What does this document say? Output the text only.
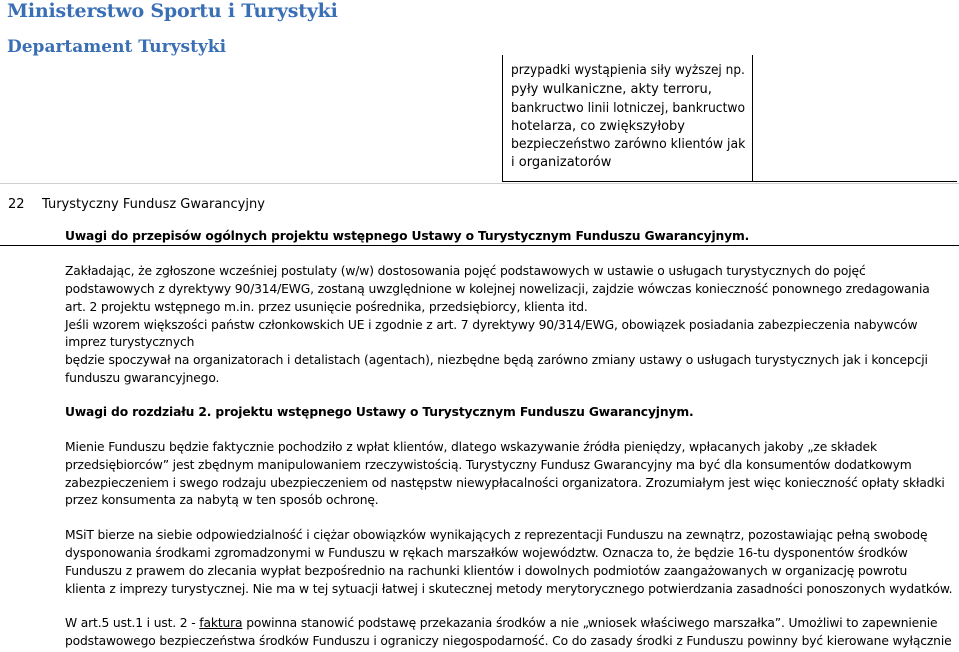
Ministerstwo Sportu i Turystyki
Departament Turystyki
przypadki wystąpienia siły wyższej np.
pyły wulkaniczne, akty terroru,
bankructwo linii lotniczej, bankructwo
hotelarza, co zwiększyłoby
bezpieczeństwo zarówno klientów jak
i organizatorów
22 Turystyczny Fundusz Gwarancyjny
Uwagi do przepisów ogólnych projektu wstępnego Ustawy o Turystycznym Funduszu Gwarancyjnym.
Zakładając, że zgłoszone wcześniej postulaty (w/w) dostosowania pojęć podstawowych w ustawie o usługach turystycznych do pojęć
podstawowych z dyrektywy 90/314/EWG, zostaną uwzględnione w kolejnej nowelizacji, zajdzie wówczas konieczność ponownego zredagowania
art. 2 projektu wstępnego m.in. przez usunięcie pośrednika, przedsiębiorcy, klienta itd.
Jeśli wzorem większości państw członkowskich UE i zgodnie z art. 7 dyrektywy 90/314/EWG, obowiązek posiadania zabezpieczenia nabywców
imprez turystycznych
będzie spoczywał na organizatorach i detalistach (agentach), niezbędne będą zarówno zmiany ustawy o usługach turystycznych jak i koncepcji
funduszu gwarancyjnego.
Uwagi do rozdziału 2. projektu wstępnego Ustawy o Turystycznym Funduszu Gwarancyjnym.
Mienie Funduszu będzie faktycznie pochodziło z wpłat klientów, dlatego wskazywanie źródła pieniędzy, wpłacanych jakoby „ze składek
przedsiębiorców” jest zbędnym manipulowaniem rzeczywistością. Turystyczny Fundusz Gwarancyjny ma być dla konsumentów dodatkowym
zabezpieczeniem i swego rodzaju ubezpieczeniem od następstw niewypłacalności organizatora. Zrozumiałym jest więc konieczność opłaty składki
przez konsumenta za nabytą w ten sposób ochronę.
MSiT bierze na siebie odpowiedzialność i ciężar obowiązków wynikających z reprezentacji Funduszu na zewnątrz, pozostawiając pełną swobodę
dysponowania środkami zgromadzonymi w Funduszu w rękach marszałków województw. Oznacza to, że będzie 16-tu dysponentów środków
Funduszu z prawem do zlecania wypłat bezpośrednio na rachunki klientów i dowolnych podmiotów zaangażowanych w organizację powrotu
klienta z imprezy turystycznej. Nie ma w tej sytuacji łatwej i skutecznej metody merytorycznego potwierdzania zasadności ponoszonych wydatków.
W art.5 ust.1 i ust. 2 - faktura powinna stanowić podstawę przekazania środków a nie „wniosek właściwego marszałka”. Umożliwi to zapewnienie
podstawowego bezpieczeństwa środków Funduszu i ograniczy niegospodarność. Co do zasady środki z Funduszu powinny być kierowane wyłącznie
